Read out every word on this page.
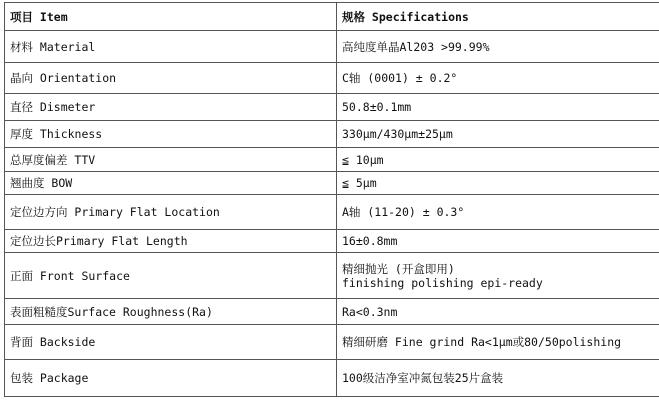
项目 Item	规格 Specifications
材料 Material	高纯度单晶Al203 >99.99%
晶向 Orientation	C轴 (0001) ± 0.2°
直径 Dismeter	50.8±0.1mm
厚度 Thickness	330μm/430μm±25μm
总厚度偏差 TTV	≦ 10μm
翘曲度 BOW	≦ 5μm
定位边方向 Primary Flat Location	A轴 (11-20) ± 0.3°
定位边长Primary Flat Length	16±0.8mm
正面 Front Surface	精细抛光 (开盒即用)
finishing polishing epi-ready

表面粗糙度Surface Roughness(Ra)	Ra<0.3nm
背面 Backside	精细研磨 Fine grind Ra<1μm或80/50polishing
包装 Package	100级洁净室冲氮包装25片盒装
